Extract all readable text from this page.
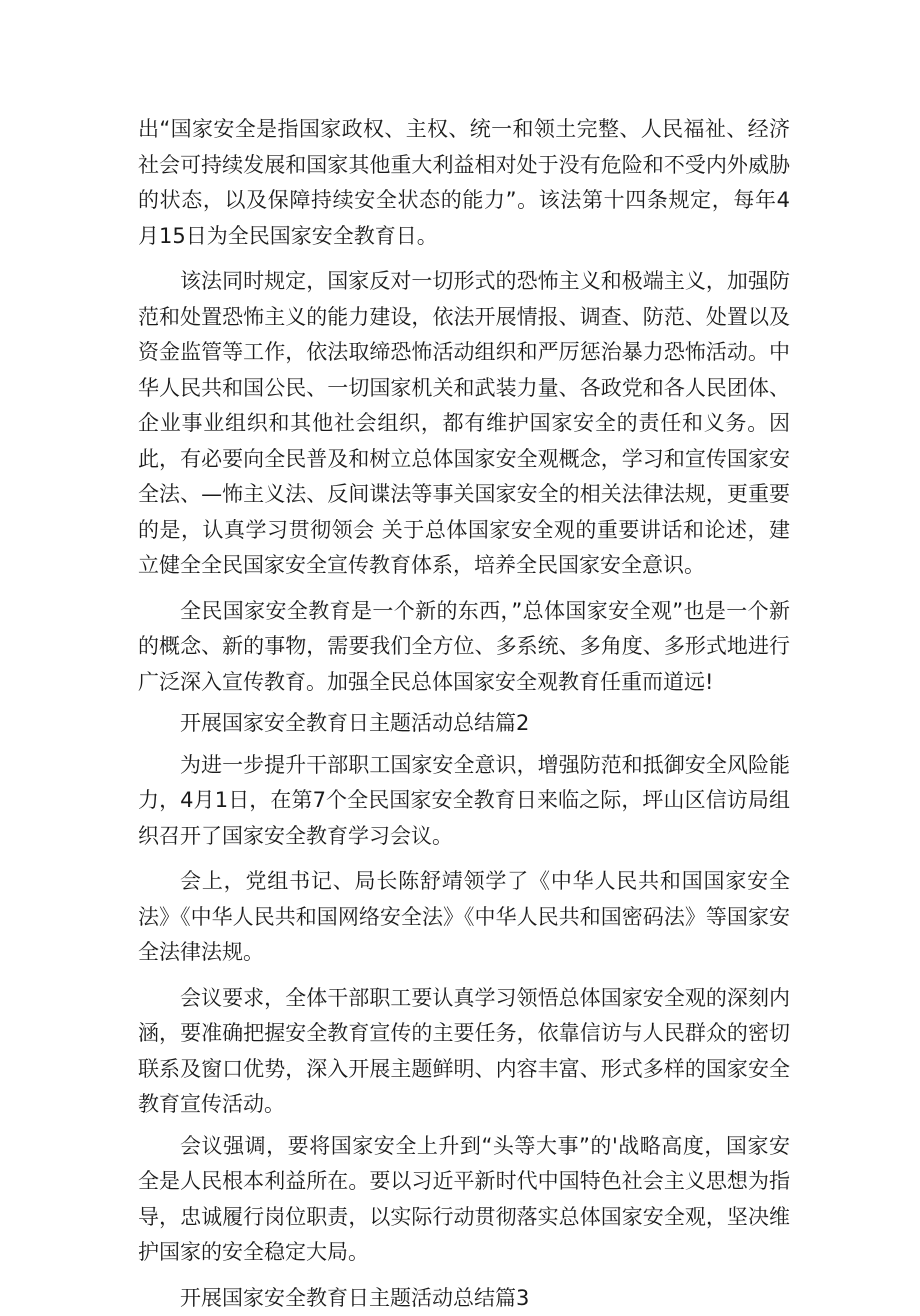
出“国家安全是指国家政权、主权、统一和领土完整、人民福祉、经济社会可持续发展和国家其他重大利益相对处于没有危险和不受内外威胁的状态，以及保障持续安全状态的能力”。该法第十四条规定，每年4月15日为全民国家安全教育日。

该法同时规定，国家反对一切形式的恐怖主义和极端主义，加强防范和处置恐怖主义的能力建设，依法开展情报、调查、防范、处置以及资金监管等工作，依法取缔恐怖活动组织和严厉惩治暴力恐怖活动。中华人民共和国公民、一切国家机关和武装力量、各政党和各人民团体、企业事业组织和其他社会组织，都有维护国家安全的责任和义务。因此，有必要向全民普及和树立总体国家安全观概念，学习和宣传国家安全法、—怖主义法、反间谍法等事关国家安全的相关法律法规，更重要的是，认真学习贯彻领会 关于总体国家安全观的重要讲话和论述，建立健全全民国家安全宣传教育体系，培养全民国家安全意识。

全民国家安全教育是一个新的东西，”总体国家安全观”也是一个新的概念、新的事物，需要我们全方位、多系统、多角度、多形式地进行广泛深入宣传教育。加强全民总体国家安全观教育任重而道远!

开展国家安全教育日主题活动总结篇2

为进一步提升干部职工国家安全意识，增强防范和抵御安全风险能力，4月1日，在第7个全民国家安全教育日来临之际，坪山区信访局组织召开了国家安全教育学习会议。

会上，党组书记、局长陈舒靖领学了《中华人民共和国国家安全法》《中华人民共和国网络安全法》《中华人民共和国密码法》等国家安全法律法规。

会议要求，全体干部职工要认真学习领悟总体国家安全观的深刻内涵，要准确把握安全教育宣传的主要任务，依靠信访与人民群众的密切联系及窗口优势，深入开展主题鲜明、内容丰富、形式多样的国家安全教育宣传活动。

会议强调，要将国家安全上升到“头等大事”的'战略高度，国家安全是人民根本利益所在。要以习近平新时代中国特色社会主义思想为指导，忠诚履行岗位职责，以实际行动贯彻落实总体国家安全观，坚决维护国家的安全稳定大局。

开展国家安全教育日主题活动总结篇3
